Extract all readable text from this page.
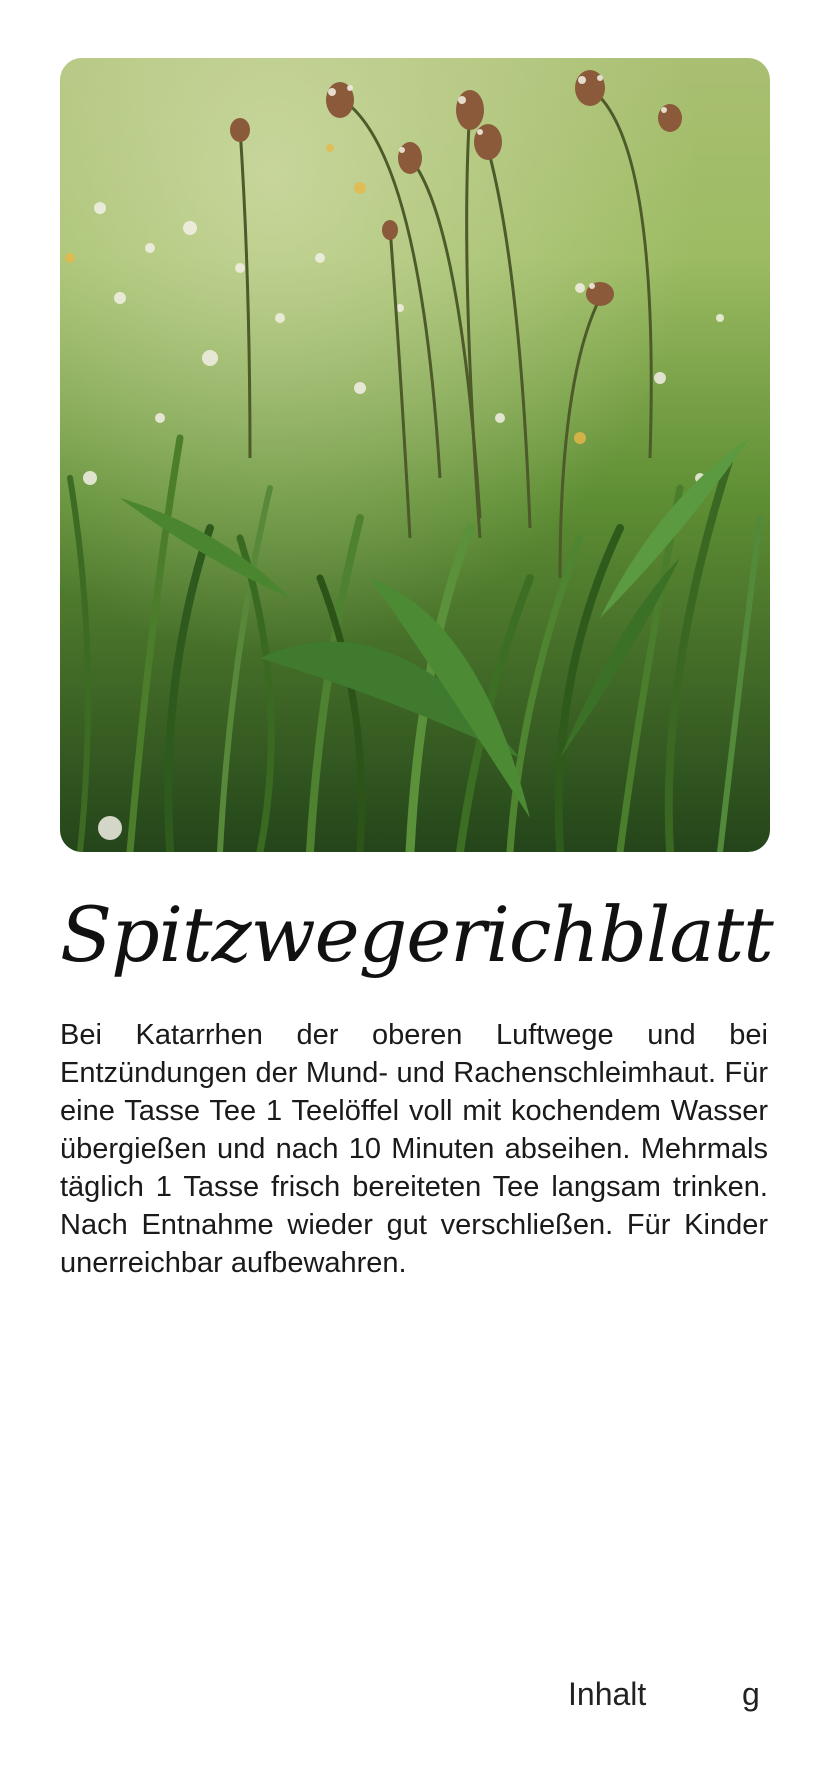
Spitzwegerichblatt

Bei Katarrhen der oberen Luftwege und bei Entzündungen der Mund- und Rachenschleimhaut. Für eine Tasse Tee 1 Teelöffel voll mit kochendem Wasser übergießen und nach 10 Minuten abseihen. Mehrmals täglich 1 Tasse frisch bereiteten Tee langsam trinken. Nach Entnahme wieder gut verschließen. Für Kinder unerreichbar aufbewahren.

Inhalt	g
